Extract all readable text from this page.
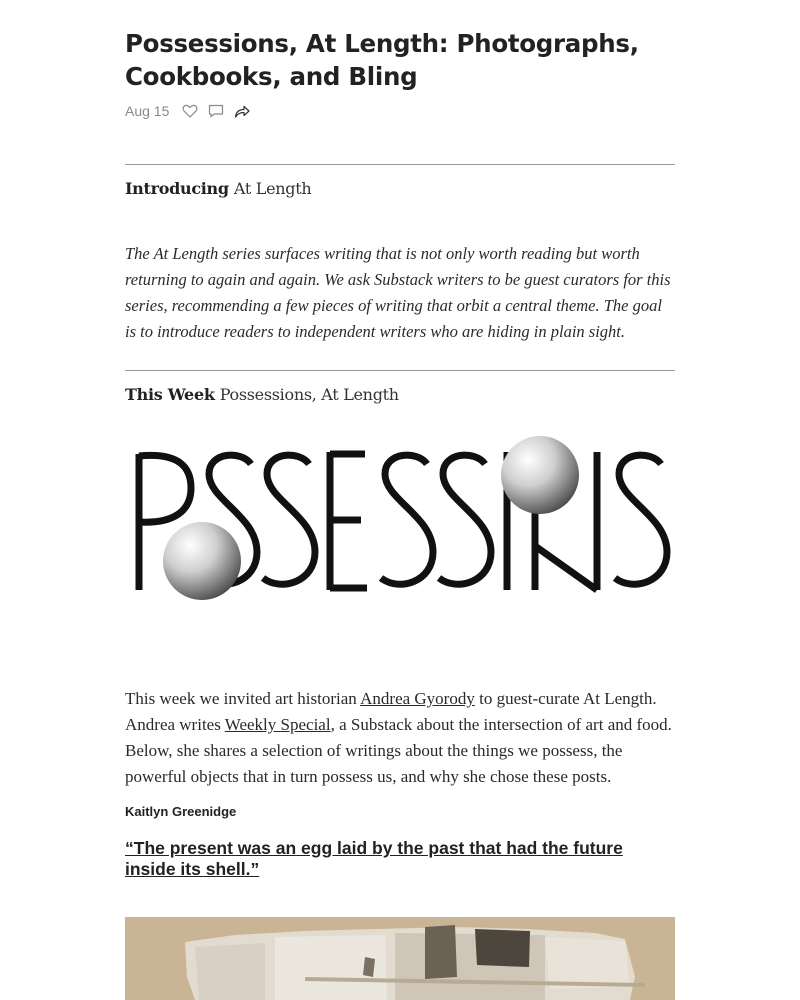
Possessions, At Length: Photographs, Cookbooks, and Bling
Aug 15
Introducing At Length

The At Length series surfaces writing that is not only worth reading but worth returning to again and again. We ask Substack writers to be guest curators for this series, recommending a few pieces of writing that orbit a central theme. The goal is to introduce readers to independent writers who are hiding in plain sight.

This Week Possessions, At Length

This week we invited art historian Andrea Gyorody to guest-curate At Length. Andrea writes Weekly Special, a Substack about the intersection of art and food. Below, she shares a selection of writings about the things we possess, the powerful objects that in turn possess us, and why she chose these posts.

Kaitlyn Greenidge
“The present was an egg laid by the past that had the future inside its shell.”
